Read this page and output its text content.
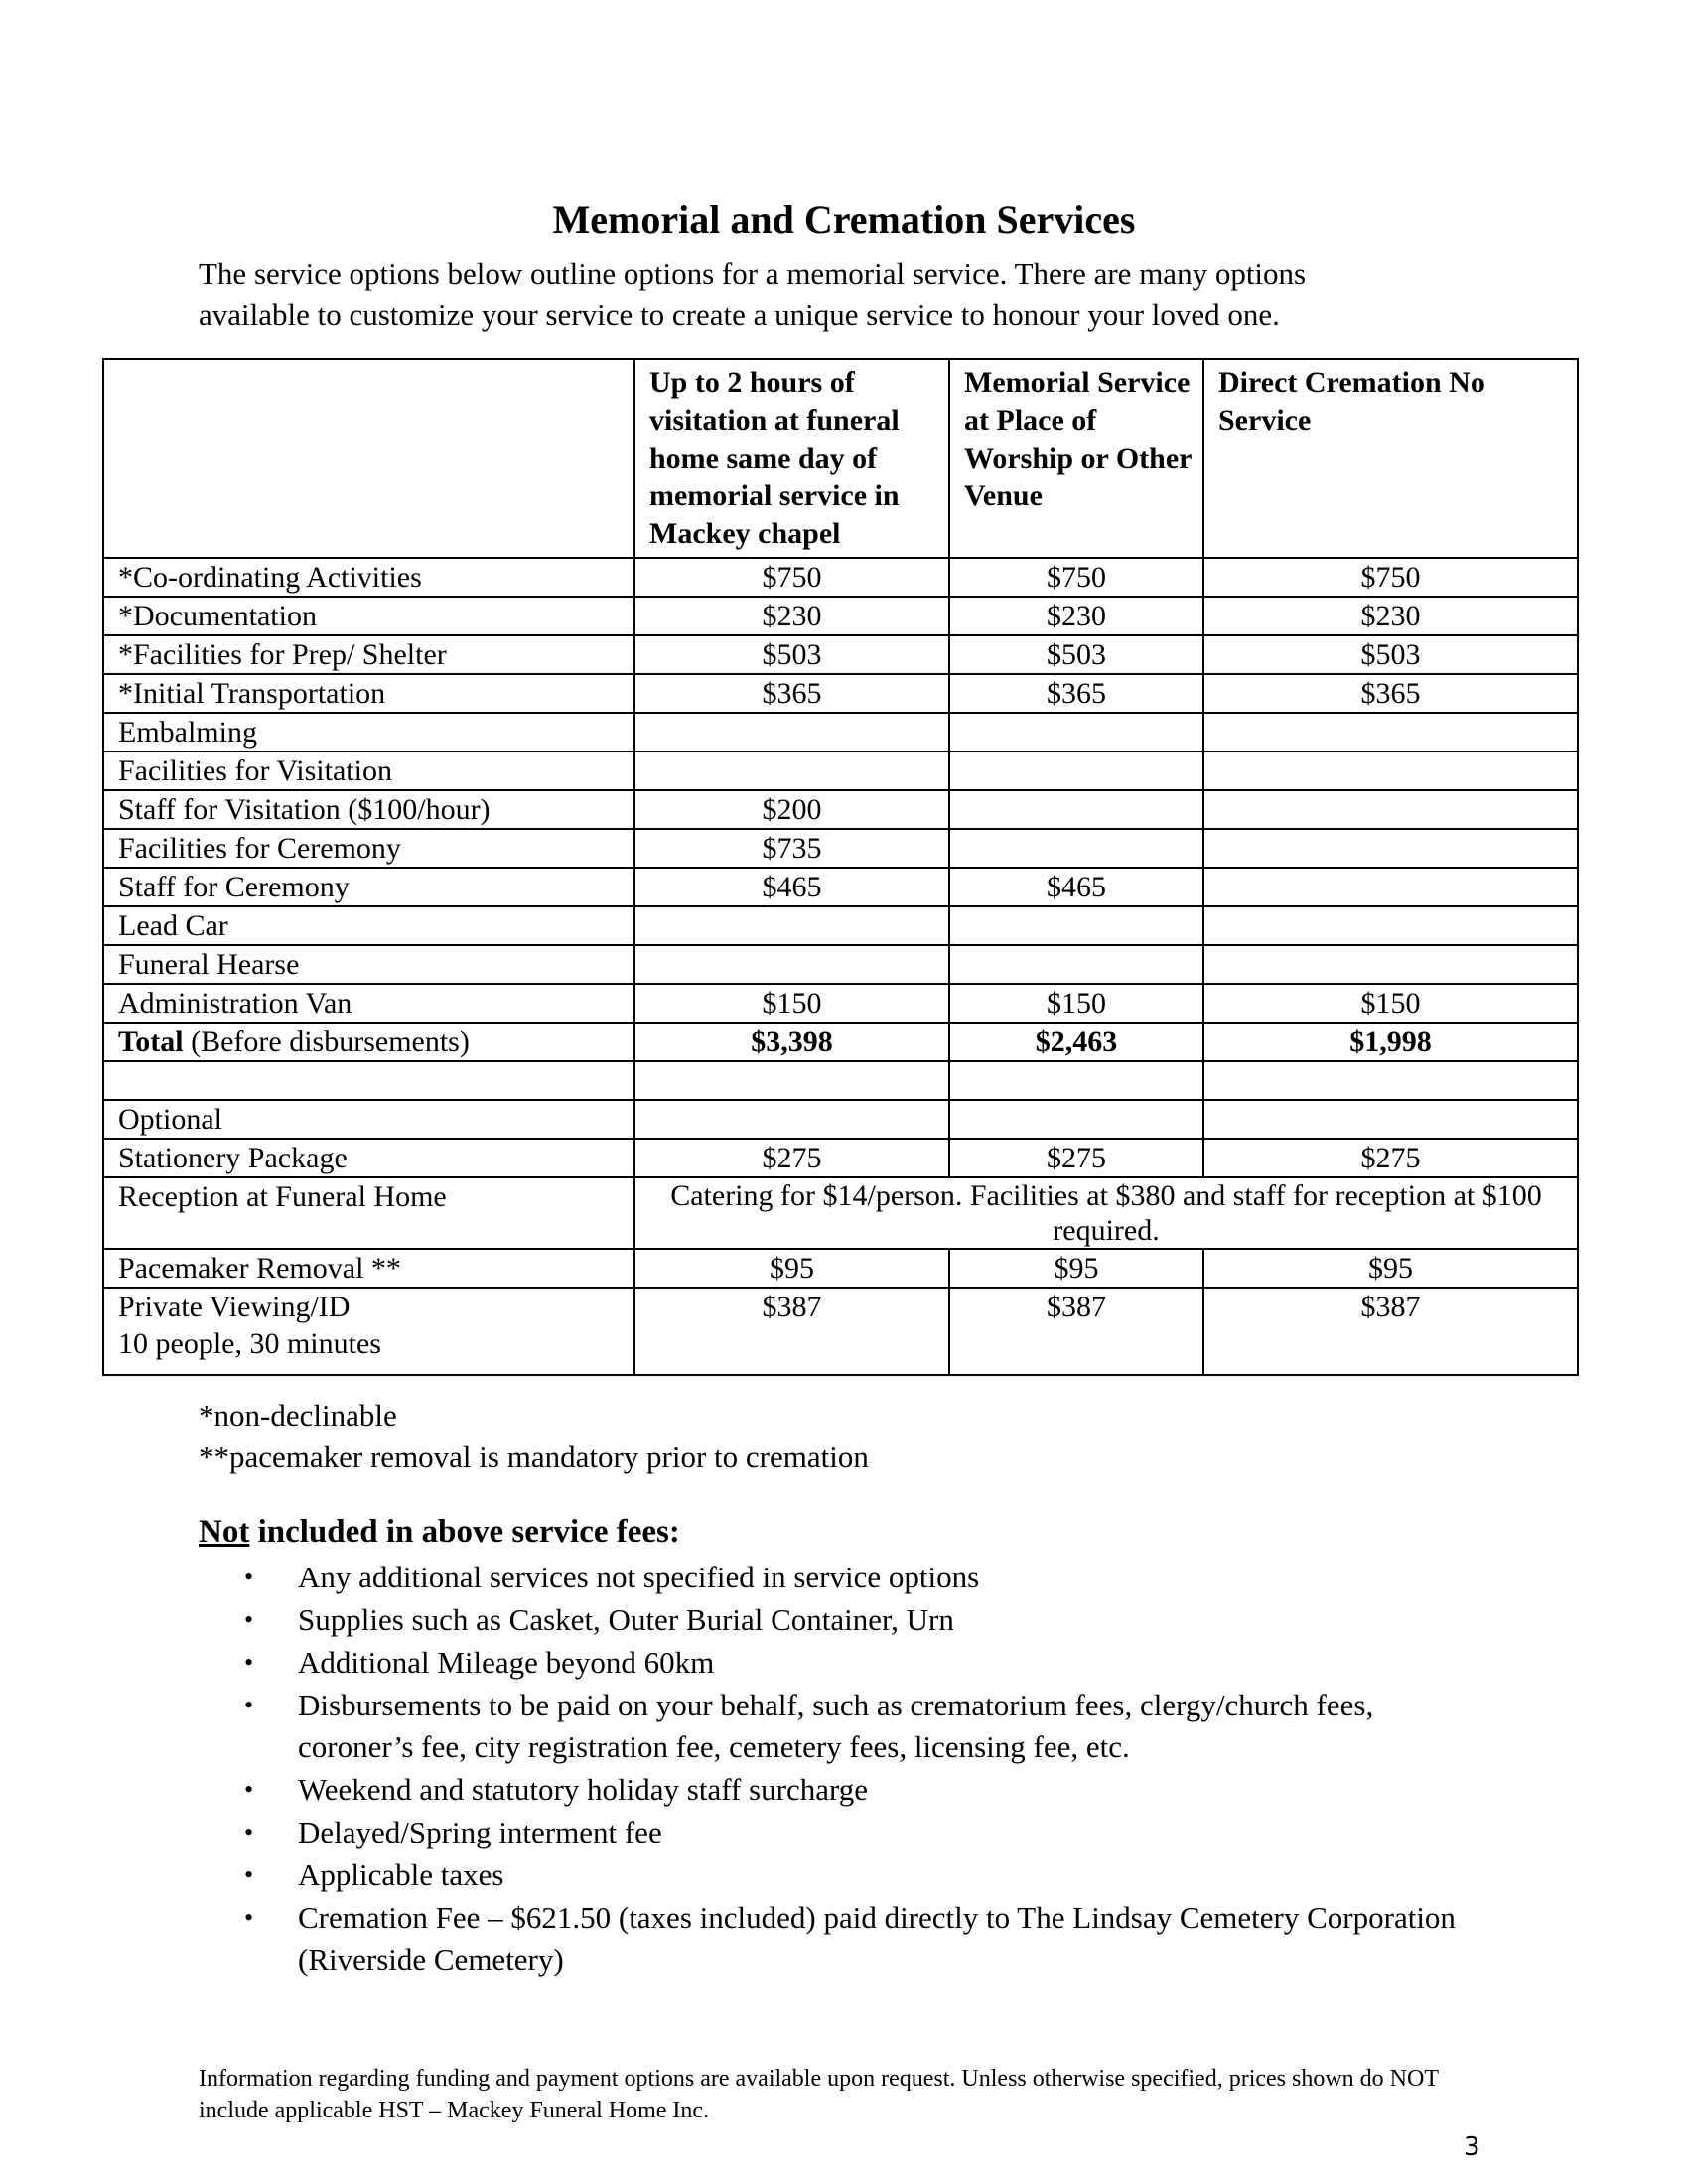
Memorial and Cremation Services
The service options below outline options for a memorial service. There are many options
available to customize your service to create a unique service to honour your loved one.
	Up to 2 hours of visitation at funeral home same day of memorial service in Mackey chapel	Memorial Service at Place of Worship or Other Venue	Direct Cremation No Service
*Co-ordinating Activities	$750	$750	$750
*Documentation	$230	$230	$230
*Facilities for Prep/ Shelter	$503	$503	$503
*Initial Transportation	$365	$365	$365
Embalming			
Facilities for Visitation			
Staff for Visitation ($100/hour)	$200		
Facilities for Ceremony	$735		
Staff for Ceremony	$465	$465	
Lead Car			
Funeral Hearse			
Administration Van	$150	$150	$150
Total (Before disbursements)	$3,398	$2,463	$1,998

Optional			
Stationery Package	$275	$275	$275
Reception at Funeral Home	Catering for $14/person. Facilities at $380 and staff for reception at $100 required.		
Pacemaker Removal **	$95	$95	$95

Private Viewing/ID
10 people, 30 minutes	$387	$387	$387
*non-declinable
**pacemaker removal is mandatory prior to cremation
Not included in above service fees:
• Any additional services not specified in service options
• Supplies such as Casket, Outer Burial Container, Urn
• Additional Mileage beyond 60km
• Disbursements to be paid on your behalf, such as crematorium fees, clergy/church fees, coroner’s fee, city registration fee, cemetery fees, licensing fee, etc.
• Weekend and statutory holiday staff surcharge
• Delayed/Spring interment fee
• Applicable taxes
• Cremation Fee – $621.50 (taxes included) paid directly to The Lindsay Cemetery Corporation (Riverside Cemetery)
Information regarding funding and payment options are available upon request. Unless otherwise specified, prices shown do NOT include applicable HST – Mackey Funeral Home Inc.
3
